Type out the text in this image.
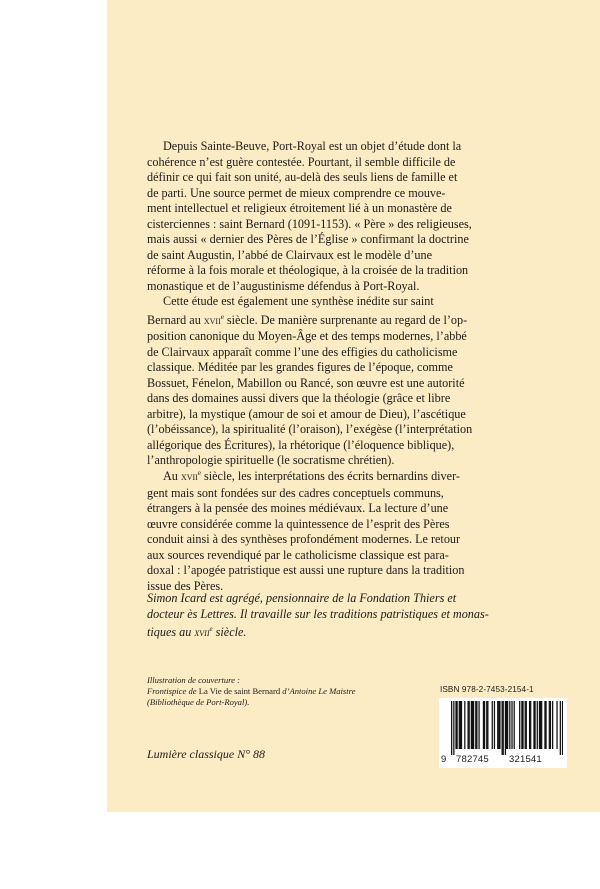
Depuis Sainte-Beuve, Port-Royal est un objet d’étude dont la
cohérence n’est guère contestée. Pourtant, il semble difficile de
définir ce qui fait son unité, au-delà des seuls liens de famille et
de parti. Une source permet de mieux comprendre ce mouve-
ment intellectuel et religieux étroitement lié à un monastère de
cisterciennes : saint Bernard (1091-1153). « Père » des religieuses,
mais aussi « dernier des Pères de l’Église » confirmant la doctrine
de saint Augustin, l’abbé de Clairvaux est le modèle d’une
réforme à la fois morale et théologique, à la croisée de la tradition
monastique et de l’augustinisme défendus à Port-Royal.

Cette étude est également une synthèse inédite sur saint
Bernard au xvii$^e$ siècle. De manière surprenante au regard de l’op-
position canonique du Moyen-Âge et des temps modernes, l’abbé
de Clairvaux apparaît comme l’une des effigies du catholicisme
classique. Méditée par les grandes figures de l’époque, comme
Bossuet, Fénelon, Mabillon ou Rancé, son œuvre est une autorité
dans des domaines aussi divers que la théologie (grâce et libre
arbitre), la mystique (amour de soi et amour de Dieu), l’ascétique
(l’obéissance), la spiritualité (l’oraison), l’exégèse (l’interprétation
allégorique des Écritures), la rhétorique (l’éloquence biblique),
l’anthropologie spirituelle (le socratisme chrétien).

Au xvii$^e$ siècle, les interprétations des écrits bernardins diver-
gent mais sont fondées sur des cadres conceptuels communs,
étrangers à la pensée des moines médiévaux. La lecture d’une
œuvre considérée comme la quintessence de l’esprit des Pères
conduit ainsi à des synthèses profondément modernes. Le retour
aux sources revendiqué par le catholicisme classique est para-
doxal : l’apogée patristique est aussi une rupture dans la tradition
issue des Pères.

Simon Icard est agrégé, pensionnaire de la Fondation Thiers et
docteur ès Lettres. Il travaille sur les traditions patristiques et monas-
tiques au xvii$^e$ siècle.

Illustration de couverture :
Frontispice de La Vie de saint Bernard d’Antoine Le Maistre
(Bibliothèque de Port-Royal).
Lumière classique N° 88
ISBN 978-2-7453-2154-1
9 782745 321541
